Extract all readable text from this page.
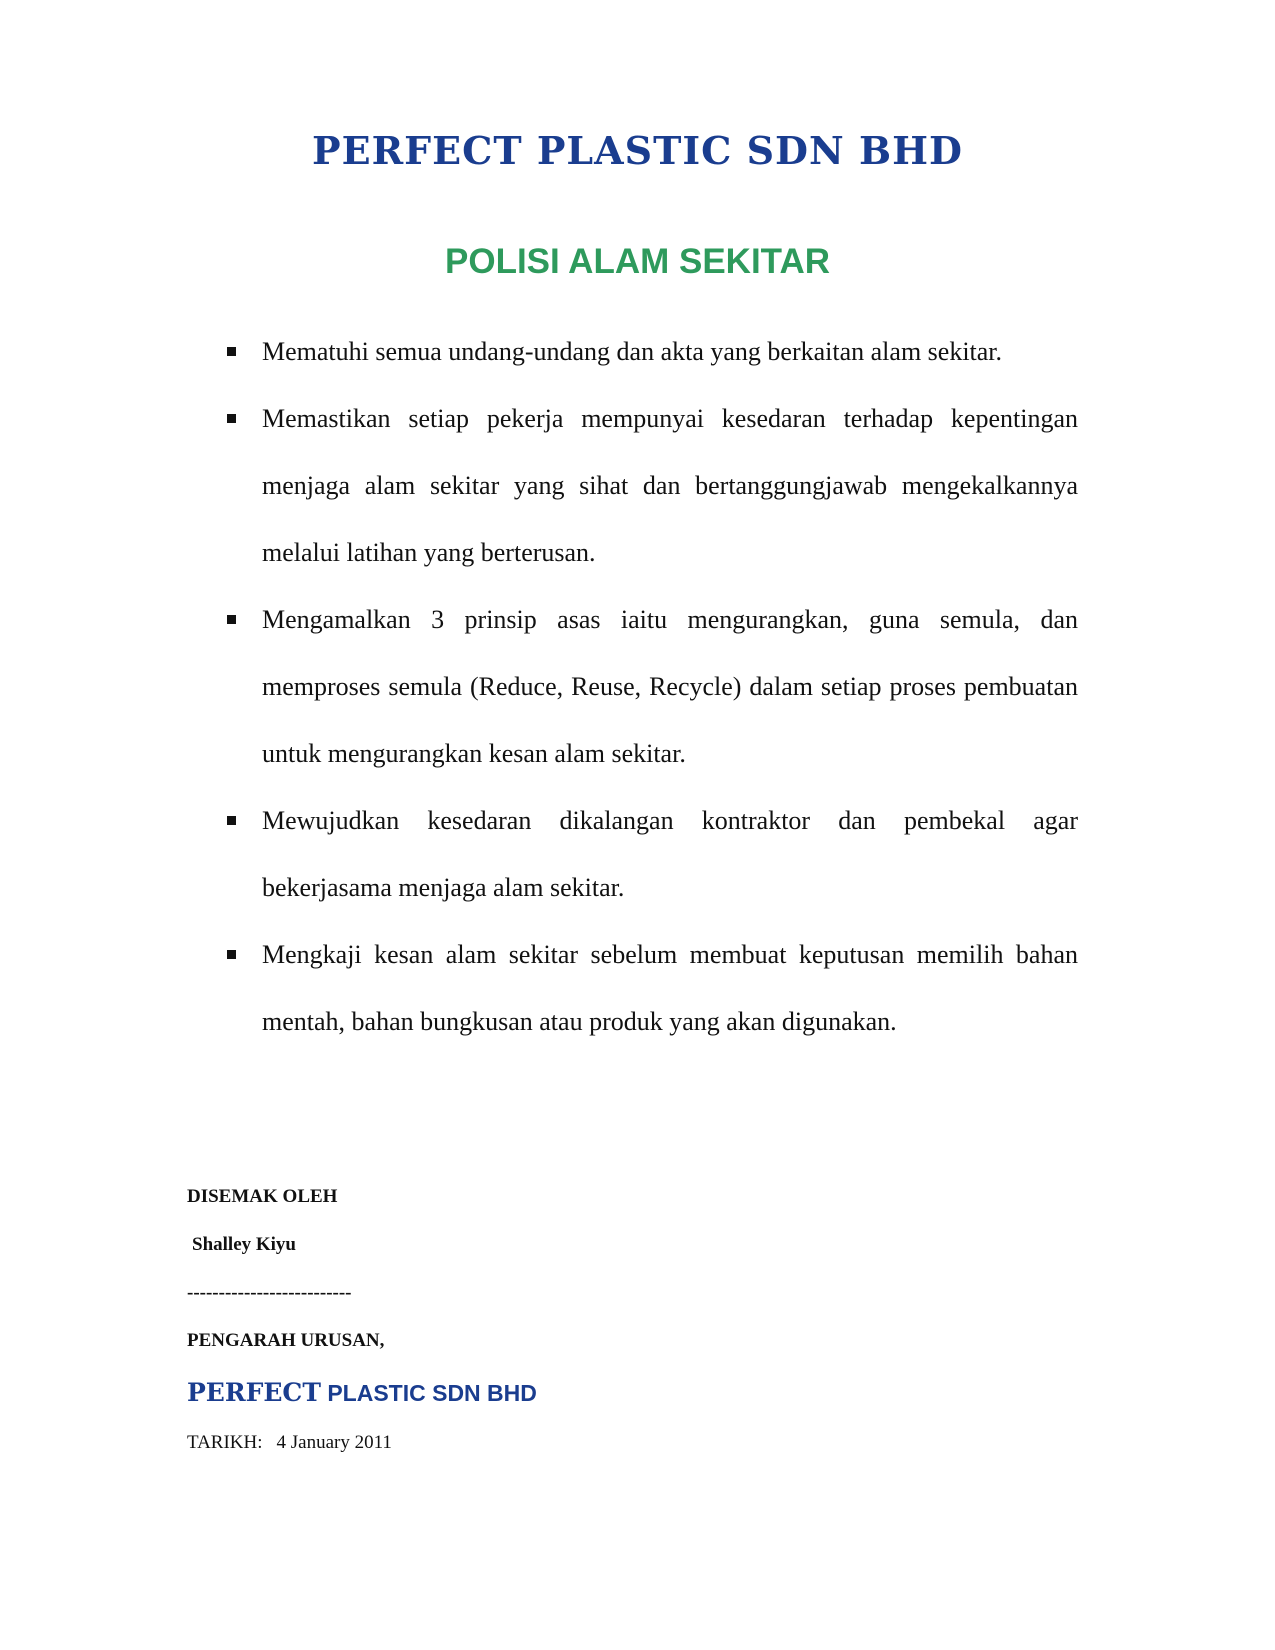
PERFECT PLASTIC SDN BHD
POLISI ALAM SEKITAR
Mematuhi semua undang-undang dan akta yang berkaitan alam sekitar.
Memastikan setiap pekerja mempunyai kesedaran terhadap kepentingan menjaga alam sekitar yang sihat dan bertanggungjawab mengekalkannya melalui latihan yang berterusan.
Mengamalkan 3 prinsip asas iaitu mengurangkan, guna semula, dan memproses semula (Reduce, Reuse, Recycle) dalam setiap proses pembuatan untuk mengurangkan kesan alam sekitar.
Mewujudkan kesedaran dikalangan kontraktor dan pembekal agar bekerjasama menjaga alam sekitar.
Mengkaji kesan alam sekitar sebelum membuat keputusan memilih bahan mentah, bahan bungkusan atau produk yang akan digunakan.
DISEMAK OLEH
Shalley Kiyu
--------------------------
PENGARAH URUSAN,
PERFECT PLASTIC SDN BHD
TARIKH: 4 January 2011
